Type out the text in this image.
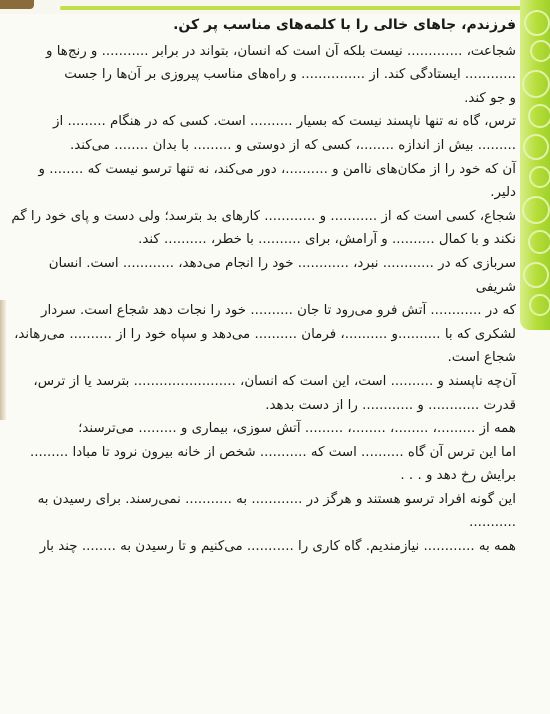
فرزندم، جاهای خالی را با کلمه‌های مناسب پر کن.

شجاعت، ............. نیست بلکه آن است که انسان، بتواند در برابر ........... و رنج‌ها و

............ ایستادگی کند. از ............... و راه‌های مناسب پیروزی بر آن‌ها را جست

و جو کند.

ترس، گاه نه تنها ناپسند نیست که بسیار .......... است. کسی که در هنگام ......... از

......... بیش از اندازه ........، کسی که از دوستی و ......... با بدان ........ می‌کند.

آن که خود را از مکان‌های ناامن و ..........، دور می‌کند، نه تنها ترسو نیست که ........ و

دلیر.

شجاع، کسی است که از ........... و ............ کارهای بد بترسد؛ ولی دست و پای خود را گم

نکند و با کمال .......... و آرامش، برای .......... با خطر، .......... کند.

سربازی که در ............ نبرد، ............ خود را انجام می‌دهد، ............ است. انسان شریفی

که در ............ آتش فرو می‌رود تا جان .......... خود را نجات دهد شجاع است. سردار

لشکری که با ..........و ..........، فرمان .......... می‌دهد و سپاه خود را از .......... می‌رهاند،

شجاع است.

آن‌چه ناپسند و .......... است، این است که انسان، ........................ بترسد یا از ترس،

قدرت ............ و ............ را از دست بدهد.

همه از .........، ........، ........، ......... آتش سوزی، بیماری و ......... می‌ترسند؛

اما این ترس آن گاه .......... است که ........... شخص از خانه بیرون نرود تا مبادا .........

برایش رخ دهد و . . .

این گونه افراد ترسو هستند و هرگز در ............ به ........... نمی‌رسند. برای رسیدن به ...........

همه به ............ نیازمندیم. گاه کاری را ........... می‌کنیم و تا رسیدن به ........ چند بار
